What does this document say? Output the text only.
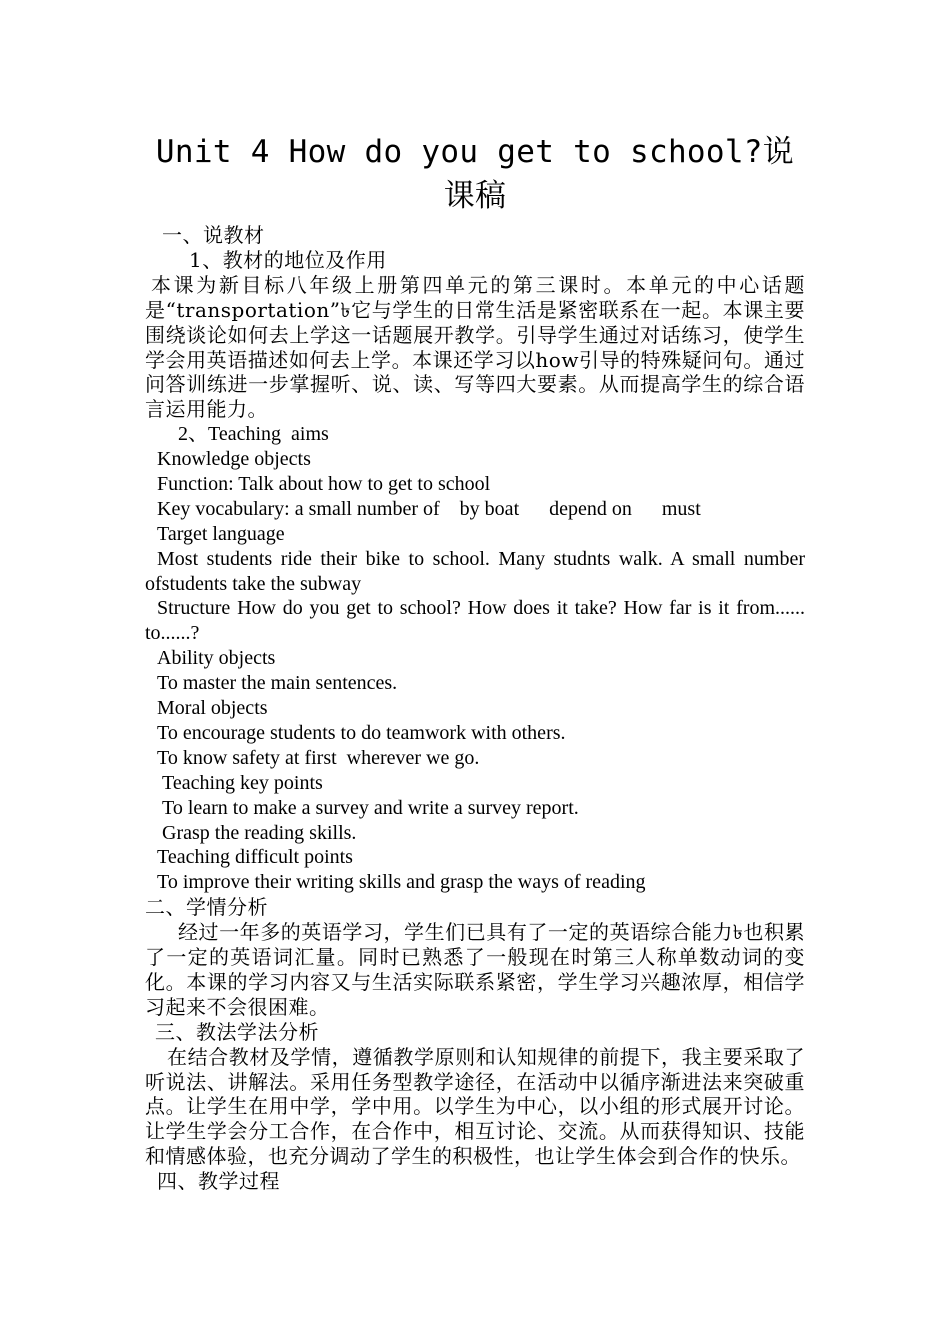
Unit 4 How do you get to school?说课稿
一、说教材
1、教材的地位及作用
本课为新目标八年级上册第四单元的第三课时。本单元的中心话题是“transportation”৳它与学生的日常生活是紧密联系在一起。本课主要围绕谈论如何去上学这一话题展开教学。引导学生通过对话练习，使学生学会用英语描述如何去上学。本课还学习以how引导的特殊疑问句。通过问答训练进一步掌握听、说、读、写等四大要素。从而提高学生的综合语言运用能力。
2、Teaching  aims
Knowledge objects
Function: Talk about how to get to school
Key vocabulary: a small number of    by boat      depend on      must
Target language
Most students ride their bike to school. Many studnts walk. A small number ofstudents take the subway
Structure How do you get to school? How does it take? How far is it from...... to......?
Ability objects
To master the main sentences.
Moral objects
To encourage students to do teamwork with others.
To know safety at first  wherever we go.
Teaching key points
To learn to make a survey and write a survey report.
Grasp the reading skills.
Teaching difficult points
To improve their writing skills and grasp the ways of reading
二、学情分析
经过一年多的英语学习，学生们已具有了一定的英语综合能力৳也积累了一定的英语词汇量。同时已熟悉了一般现在时第三人称单数动词的变化。本课的学习内容又与生活实际联系紧密，学生学习兴趣浓厚，相信学习起来不会很困难。
三、教法学法分析
在结合教材及学情，遵循教学原则和认知规律的前提下，我主要采取了听说法、讲解法。采用任务型教学途径，在活动中以循序渐进法来突破重点。让学生在用中学，学中用。以学生为中心，以小组的形式展开讨论。让学生学会分工合作，在合作中，相互讨论、交流。从而获得知识、技能和情感体验，也充分调动了学生的积极性，也让学生体会到合作的快乐。
四、教学过程
